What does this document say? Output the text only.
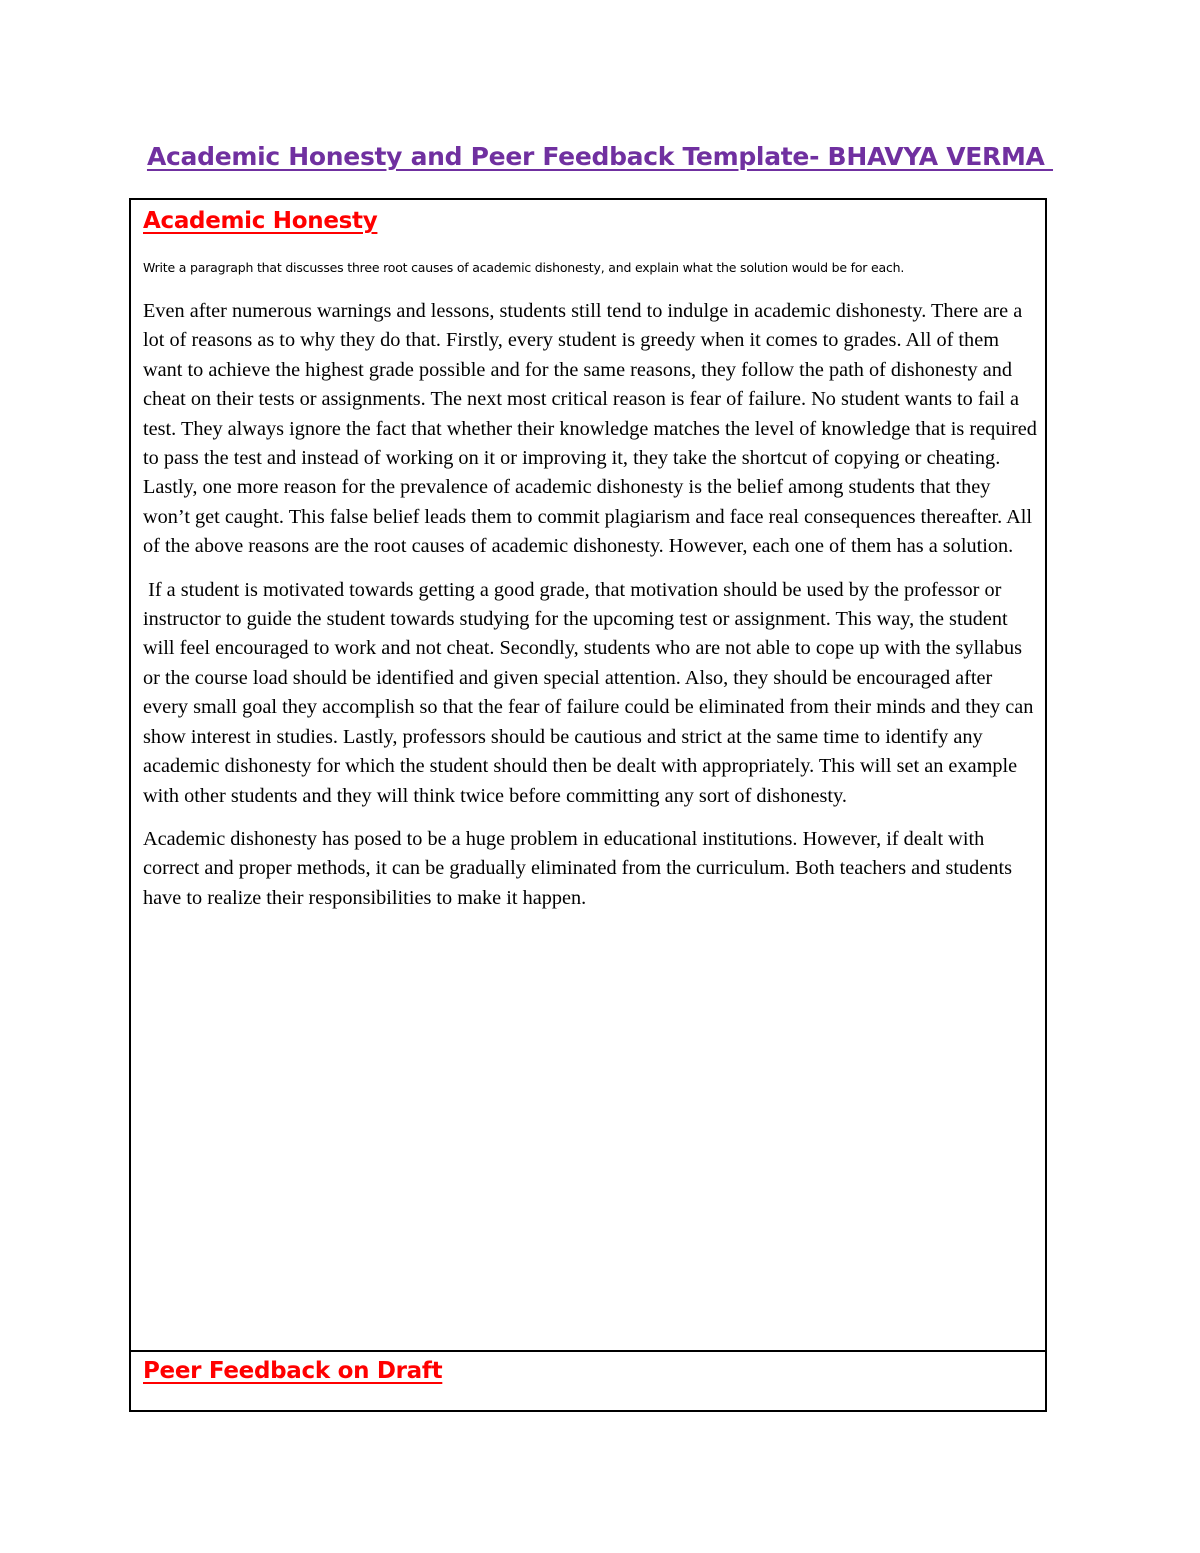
Academic Honesty and Peer Feedback Template- BHAVYA VERMA
Academic Honesty
Write a paragraph that discusses three root causes of academic dishonesty, and explain what the solution would be for each.

Even after numerous warnings and lessons, students still tend to indulge in academic dishonesty. There are a lot of reasons as to why they do that. Firstly, every student is greedy when it comes to grades. All of them want to achieve the highest grade possible and for the same reasons, they follow the path of dishonesty and cheat on their tests or assignments. The next most critical reason is fear of failure. No student wants to fail a test. They always ignore the fact that whether their knowledge matches the level of knowledge that is required to pass the test and instead of working on it or improving it, they take the shortcut of copying or cheating. Lastly, one more reason for the prevalence of academic dishonesty is the belief among students that they won’t get caught. This false belief leads them to commit plagiarism and face real consequences thereafter. All of the above reasons are the root causes of academic dishonesty. However, each one of them has a solution.

If a student is motivated towards getting a good grade, that motivation should be used by the professor or instructor to guide the student towards studying for the upcoming test or assignment. This way, the student will feel encouraged to work and not cheat. Secondly, students who are not able to cope up with the syllabus or the course load should be identified and given special attention. Also, they should be encouraged after every small goal they accomplish so that the fear of failure could be eliminated from their minds and they can show interest in studies. Lastly, professors should be cautious and strict at the same time to identify any academic dishonesty for which the student should then be dealt with appropriately. This will set an example with other students and they will think twice before committing any sort of dishonesty.

Academic dishonesty has posed to be a huge problem in educational institutions. However, if dealt with correct and proper methods, it can be gradually eliminated from the curriculum. Both teachers and students have to realize their responsibilities to make it happen.

Peer Feedback on Draft
